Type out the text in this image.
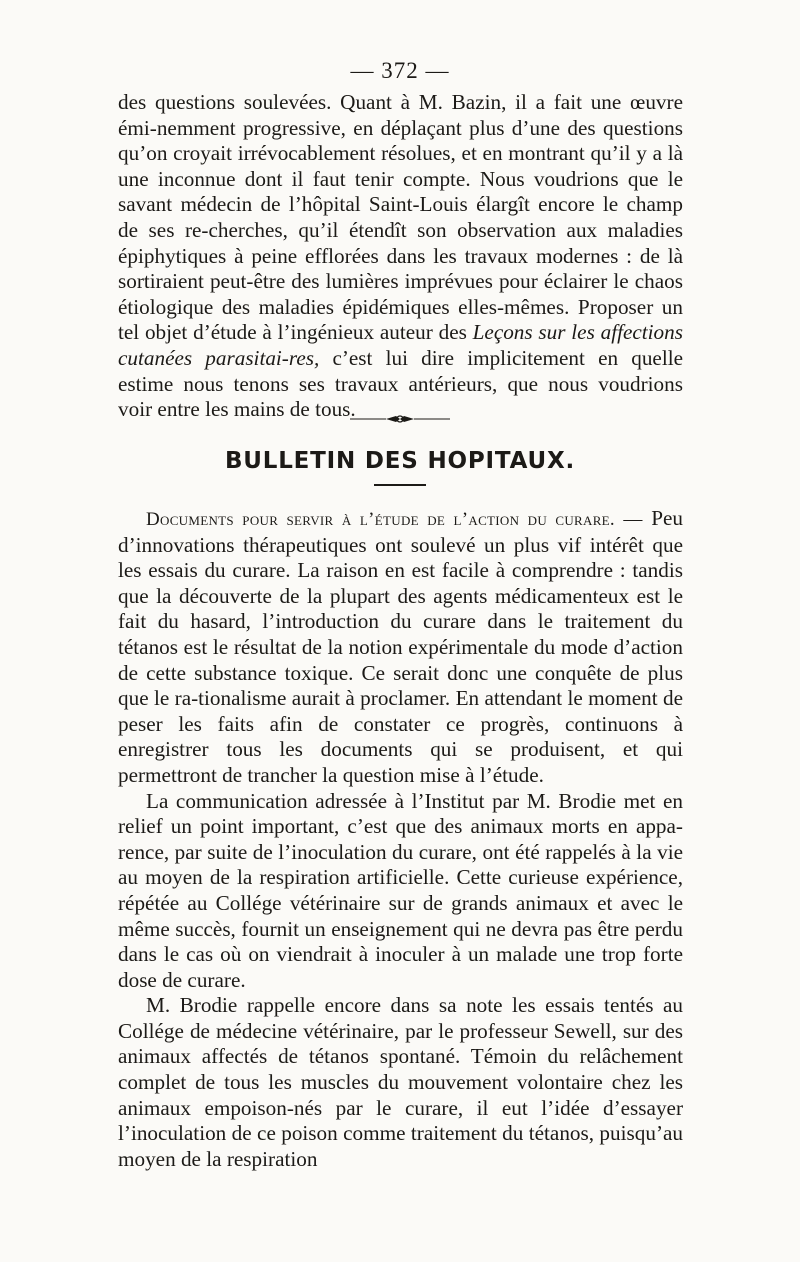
— 372 —

des questions soulevées. Quant à M. Bazin, il a fait une œuvre émi-nemment progressive, en déplaçant plus d’une des questions qu’on croyait irrévocablement résolues, et en montrant qu’il y a là une inconnue dont il faut tenir compte. Nous voudrions que le savant médecin de l’hôpital Saint-Louis élargît encore le champ de ses re-cherches, qu’il étendît son observation aux maladies épiphytiques à peine efflorées dans les travaux modernes : de là sortiraient peut-être des lumières imprévues pour éclairer le chaos étiologique des maladies épidémiques elles-mêmes. Proposer un tel objet d’étude à l’ingénieux auteur des Leçons sur les affections cutanées parasitai-res, c’est lui dire implicitement en quelle estime nous tenons ses travaux antérieurs, que nous voudrions voir entre les mains de tous.

BULLETIN DES HOPITAUX.

Documents pour servir à l’étude de l’action du curare. — Peu d’innovations thérapeutiques ont soulevé un plus vif intérêt que les essais du curare. La raison en est facile à comprendre : tandis que la découverte de la plupart des agents médicamenteux est le fait du hasard, l’introduction du curare dans le traitement du tétanos est le résultat de la notion expérimentale du mode d’action de cette substance toxique. Ce serait donc une conquête de plus que le ra-tionalisme aurait à proclamer. En attendant le moment de peser les faits afin de constater ce progrès, continuons à enregistrer tous les documents qui se produisent, et qui permettront de trancher la question mise à l’étude.

La communication adressée à l’Institut par M. Brodie met en relief un point important, c’est que des animaux morts en appa-rence, par suite de l’inoculation du curare, ont été rappelés à la vie au moyen de la respiration artificielle. Cette curieuse expérience, répétée au Collége vétérinaire sur de grands animaux et avec le même succès, fournit un enseignement qui ne devra pas être perdu dans le cas où on viendrait à inoculer à un malade une trop forte dose de curare.

M. Brodie rappelle encore dans sa note les essais tentés au Collége de médecine vétérinaire, par le professeur Sewell, sur des animaux affectés de tétanos spontané. Témoin du relâchement complet de tous les muscles du mouvement volontaire chez les animaux empoison-nés par le curare, il eut l’idée d’essayer l’inoculation de ce poison comme traitement du tétanos, puisqu’au moyen de la respiration
